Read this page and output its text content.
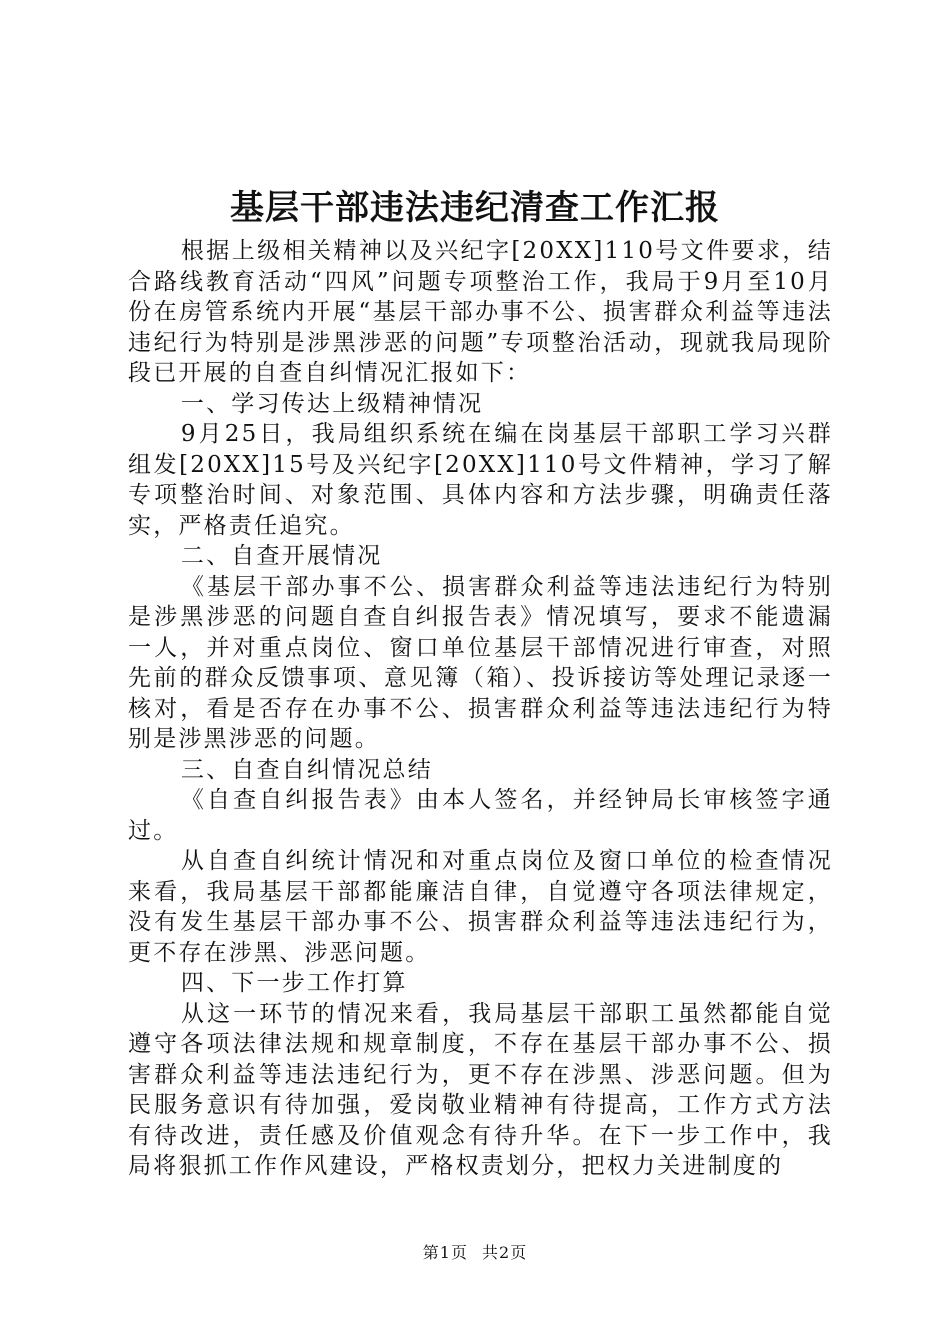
基层干部违法违纪清查工作汇报

根据上级相关精神以及兴纪字[20XX]110号文件要求，结合路线教育活动“四风”问题专项整治工作，我局于9月至10月份在房管系统内开展“基层干部办事不公、损害群众利益等违法违纪行为特别是涉黑涉恶的问题”专项整治活动，现就我局现阶段已开展的自查自纠情况汇报如下：

一、学习传达上级精神情况

9月25日，我局组织系统在编在岗基层干部职工学习兴群组发[20XX]15号及兴纪字[20XX]110号文件精神，学习了解专项整治时间、对象范围、具体内容和方法步骤，明确责任落实，严格责任追究。

二、自查开展情况

《基层干部办事不公、损害群众利益等违法违纪行为特别是涉黑涉恶的问题自查自纠报告表》情况填写，要求不能遗漏一人，并对重点岗位、窗口单位基层干部情况进行审查，对照先前的群众反馈事项、意见簿（箱）、投诉接访等处理记录逐一核对，看是否存在办事不公、损害群众利益等违法违纪行为特别是涉黑涉恶的问题。

三、自查自纠情况总结

《自查自纠报告表》由本人签名，并经钟局长审核签字通过。

从自查自纠统计情况和对重点岗位及窗口单位的检查情况来看，我局基层干部都能廉洁自律，自觉遵守各项法律规定，没有发生基层干部办事不公、损害群众利益等违法违纪行为，更不存在涉黑、涉恶问题。

四、下一步工作打算

从这一环节的情况来看，我局基层干部职工虽然都能自觉遵守各项法律法规和规章制度，不存在基层干部办事不公、损害群众利益等违法违纪行为，更不存在涉黑、涉恶问题。但为民服务意识有待加强，爱岗敬业精神有待提高，工作方式方法有待改进，责任感及价值观念有待升华。在下一步工作中，我局将狠抓工作作风建设，严格权责划分，把权力关进制度的

第1页 共2页
